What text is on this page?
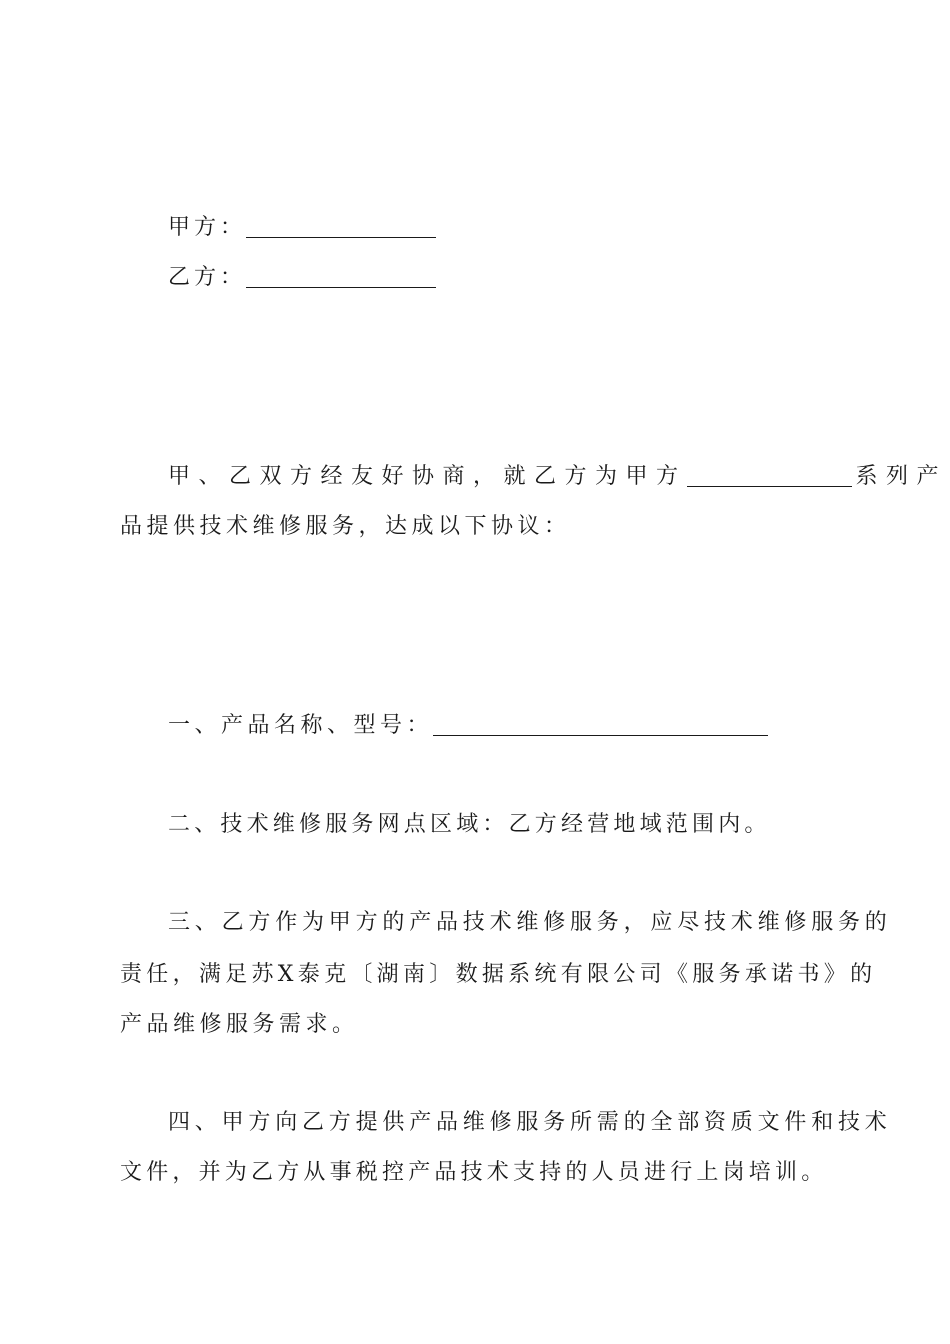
甲方：
乙方：
甲、乙双方经友好协商，就乙方为甲方	系列产
品提供技术维修服务，达成以下协议：
一、产品名称、型号：
二、技术维修服务网点区域：乙方经营地域范围内。
三、乙方作为甲方的产品技术维修服务，应尽技术维修服务的
责任，满足苏X泰克〔湖南〕数据系统有限公司《服务承诺书》的
产品维修服务需求。
四、甲方向乙方提供产品维修服务所需的全部资质文件和技术
文件，并为乙方从事税控产品技术支持的人员进行上岗培训。
